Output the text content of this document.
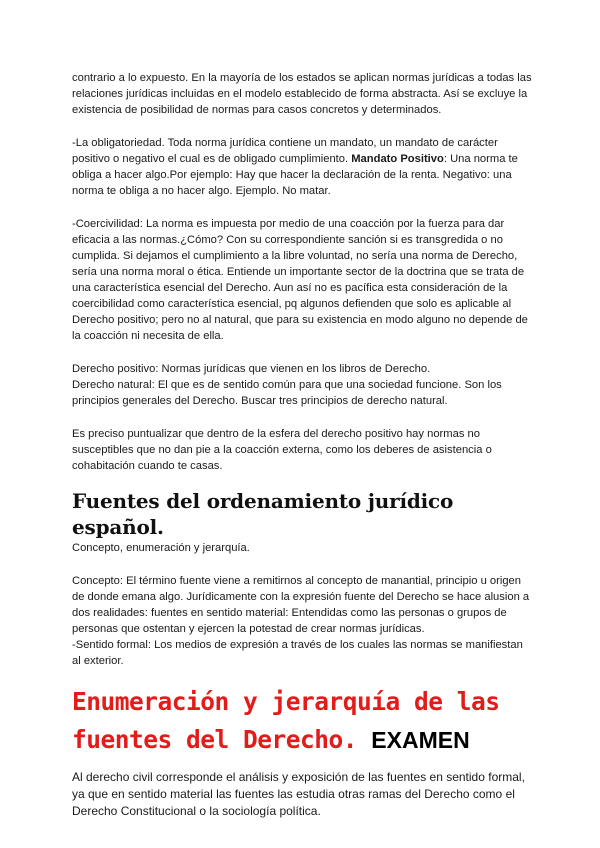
contrario a lo expuesto. En la mayoría de los estados se aplican normas jurídicas a todas las relaciones jurídicas incluidas en el modelo establecido de forma abstracta. Así se excluye la existencia de posibilidad de normas para casos concretos y determinados.

-La obligatoriedad. Toda norma jurídica contiene un mandato, un mandato de carácter positivo o negativo el cual es de obligado cumplimiento. Mandato Positivo: Una norma te obliga a hacer algo.Por ejemplo: Hay que hacer la declaración de la renta. Negativo: una norma te obliga a no hacer algo. Ejemplo. No matar.

-Coercivilidad: La norma es impuesta por medio de una coacción por la fuerza para dar eficacia a las normas.¿Cómo? Con su correspondiente sanción si es transgredida o no cumplida. Si dejamos el cumplimiento a la libre voluntad, no sería una norma de Derecho, sería una norma moral o ética. Entiende un importante sector de la doctrina que se trata de una característica esencial del Derecho. Aun así no es pacífica esta consideración de la coercibilidad como característica esencial, pq algunos defienden que solo es aplicable al Derecho positivo; pero no al natural, que para su existencia en modo alguno no depende de la coacción ni necesita de ella.

Derecho positivo: Normas jurídicas que vienen en los libros de Derecho.

Derecho natural: El que es de sentido común para que una sociedad funcione. Son los principios generales del Derecho. Buscar tres principios de derecho natural.

Es preciso puntualizar que dentro de la esfera del derecho positivo hay normas no susceptibles que no dan pie a la coacción externa, como los deberes de asistencia o cohabitación cuando te casas.

Fuentes del ordenamiento jurídico español.

Concepto, enumeración y jerarquía.

Concepto: El término fuente viene a remitirnos al concepto de manantial, principio u origen de donde emana algo. Jurídicamente con la expresión fuente del Derecho se hace alusion a dos realidades: fuentes en sentido material: Entendidas como las personas o grupos de personas que ostentan y ejercen la potestad de crear normas jurídicas.

-Sentido formal: Los medios de expresión a través de los cuales las normas se manifiestan al exterior.

Enumeración y jerarquía de las fuentes del Derecho. EXAMEN

Al derecho civil corresponde el análisis y exposición de las fuentes en sentido formal, ya que en sentido material las fuentes las estudia otras ramas del Derecho como el Derecho Constitucional o la sociología política.
